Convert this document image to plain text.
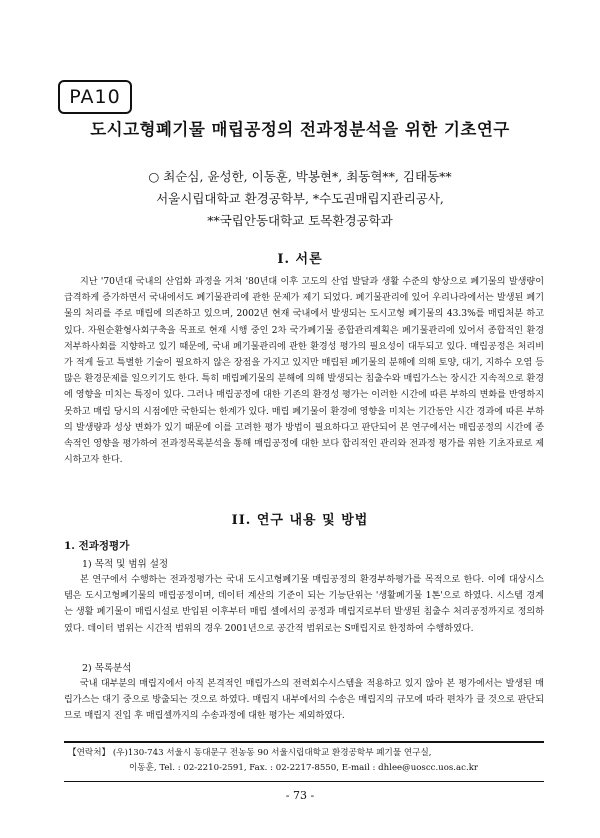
PA10
도시고형폐기물 매립공정의 전과정분석을 위한 기초연구
○ 최순심, 윤성한, 이동훈, 박봉현*, 최동혁**, 김태동**
서울시립대학교 환경공학부, *수도권매립지관리공사,
**국립안동대학교 토목환경공학과
I. 서론

지난 '70년대 국내의 산업화 과정을 거쳐 '80년대 이후 고도의 산업 발달과 생활 수준의 향상으로 폐기물의 발생량이 급격하게 증가하면서 국내에서도 폐기물관리에 관한 문제가 제기 되었다. 폐기물관리에 있어 우리나라에서는 발생된 폐기물의 처리를 주로 매립에 의존하고 있으며, 2002년 현재 국내에서 발생되는 도시고형 폐기물의 43.3%를 매립처분 하고 있다. 자원순환형사회구축을 목표로 현재 시행 중인 2차 국가폐기물 종합관리계획은 폐기물관리에 있어서 종합적인 환경저부하사회를 지향하고 있기 때문에, 국내 폐기물관리에 관한 환경성 평가의 필요성이 대두되고 있다. 매립공정은 처리비가 적게 들고 특별한 기술이 필요하지 않은 장점을 가지고 있지만 매립된 폐기물의 분해에 의해 토양, 대기, 지하수 오염 등 많은 환경문제를 일으키기도 한다. 특히 매립폐기물의 분해에 의해 발생되는 침출수와 매립가스는 장시간 지속적으로 환경에 영향을 미치는 특징이 있다. 그러나 매립공정에 대한 기존의 환경성 평가는 이러한 시간에 따른 부하의 변화를 반영하지 못하고 매립 당시의 시점에만 국한되는 한계가 있다. 매립 폐기물이 환경에 영향을 미치는 기간동안 시간 경과에 따른 부하의 발생량과 성상 변화가 있기 때문에 이를 고려한 평가 방법이 필요하다고 판단되어 본 연구에서는 매립공정의 시간에 종속적인 영향을 평가하여 전과정목록분석을 통해 매립공정에 대한 보다 합리적인 관리와 전과정 평가를 위한 기초자료로 제시하고자 한다.

II. 연구 내용 및 방법
1. 전과정평가
1) 목적 및 범위 설정

본 연구에서 수행하는 전과정평가는 국내 도시고형폐기물 매립공정의 환경부하평가를 목적으로 한다. 이에 대상시스템은 도시고형폐기물의 매립공정이며, 데이터 계산의 기준이 되는 기능단위는 '생활폐기물 1톤'으로 하였다. 시스템 경계는 생활 폐기물이 매립시설로 반입된 이후부터 매립 셀에서의 공정과 매립지로부터 발생된 침출수 처리공정까지로 정의하였다. 데이터 범위는 시간적 범위의 경우 2001년으로 공간적 범위로는 S매립지로 한정하여 수행하였다.

2) 목록분석

국내 대부분의 매립지에서 아직 본격적인 매립가스의 전력회수시스템을 적용하고 있지 않아 본 평가에서는 발생된 매립가스는 대기 중으로 방출되는 것으로 하였다. 매립지 내부에서의 수송은 매립지의 규모에 따라 편차가 클 것으로 판단되므로 매립지 진입 후 매립셀까지의 수송과정에 대한 평가는 제외하였다.

【연락처】 (우)130-743 서울시 동대문구 전농동 90 서울시립대학교 환경공학부 폐기물 연구실,
이동훈, Tel. : 02-2210-2591, Fax. : 02-2217-8550, E-mail : dhlee@uoscc.uos.ac.kr
- 73 -
